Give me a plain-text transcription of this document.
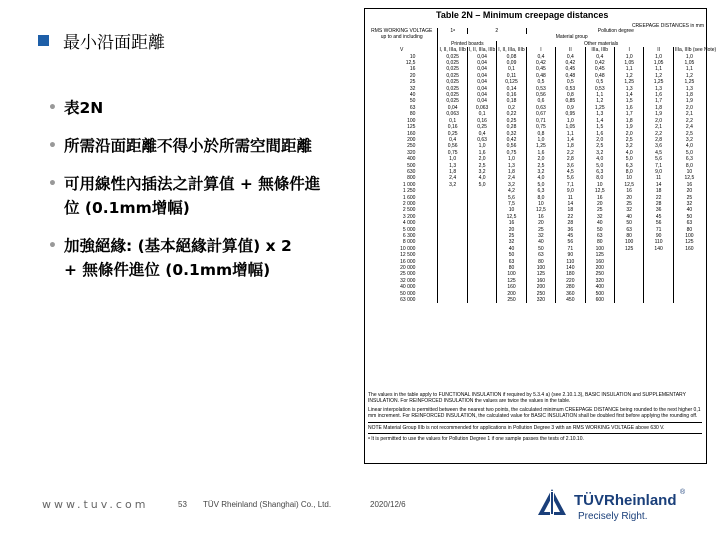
最小沿面距離
• 表2N
• 所需沿面距離不得小於所需空間距離
• 可用線性內插法之計算值 + 無條件進
位 (0.1mm增幅)
• 加強絕緣: (基本絕緣計算值) x 2
+ 無條件進位 (0.1mm增幅)
Table 2N – Minimum creepage distances
CREEPAGE DISTANCES in mm
RMS WORKING VOLTAGE	1ᵃ	2		Pollution degree					
up to and including	Material group								
	Printed boards		Other materials						
V	I, II, IIIa, IIIb	I, II, IIIa, IIIb	I, II, IIIa, IIIb	I	II	IIIa, IIIb	I	II	IIIa, IIIb (see Note)
10	0,025	0,04	0,08	0,4	0,4	0,4	1,0	1,0	1,0
12,5	0,025	0,04	0,09	0,42	0,42	0,42	1,05	1,05	1,05
16	0,025	0,04	0,1	0,45	0,45	0,45	1,1	1,1	1,1
20	0,025	0,04	0,11	0,48	0,48	0,48	1,2	1,2	1,2
25	0,025	0,04	0,125	0,5	0,5	0,5	1,25	1,25	1,25
32	0,025	0,04	0,14	0,53	0,53	0,53	1,3	1,3	1,3
40	0,025	0,04	0,16	0,56	0,8	1,1	1,4	1,6	1,8
50	0,025	0,04	0,18	0,6	0,85	1,2	1,5	1,7	1,9
63	0,04	0,063	0,2	0,63	0,9	1,25	1,6	1,8	2,0
80	0,063	0,1	0,22	0,67	0,95	1,3	1,7	1,9	2,1
100	0,1	0,16	0,25	0,71	1,0	1,4	1,8	2,0	2,2
125	0,16	0,25	0,28	0,75	1,05	1,5	1,9	2,1	2,4
160	0,25	0,4	0,32	0,8	1,1	1,6	2,0	2,2	2,5
200	0,4	0,63	0,42	1,0	1,4	2,0	2,5	2,8	3,2
250	0,56	1,0	0,56	1,25	1,8	2,5	3,2	3,6	4,0
320	0,75	1,6	0,75	1,6	2,2	3,2	4,0	4,5	5,0
400	1,0	2,0	1,0	2,0	2,8	4,0	5,0	5,6	6,3
500	1,3	2,5	1,3	2,5	3,6	5,0	6,3	7,1	8,0
630	1,8	3,2	1,8	3,2	4,5	6,3	8,0	9,0	10
800	2,4	4,0	2,4	4,0	5,6	8,0	10	11	12,5
1 000	3,2	5,0	3,2	5,0	7,1	10	12,5	14	16
1 250			4,2	6,3	9,0	12,5	16	18	20
1 600			5,6	8,0	11	16	20	22	25
2 000			7,5	10	14	20	25	28	32
2 500			10	12,5	18	25	32	36	40
3 200			12,5	16	22	32	40	45	50
4 000			16	20	28	40	50	56	63
5 000			20	25	36	50	63	71	80
6 300			25	32	45	63	80	90	100
8 000			32	40	56	80	100	110	125
10 000			40	50	71	100	125	140	160
12 500			50	63	90	125			
16 000			63	80	110	160			
20 000			80	100	140	200			
25 000			100	125	180	250			
32 000			125	160	220	320			
40 000			160	200	280	400			
50 000			200	250	360	500			
63 000			250	320	450	600			

The values in the table apply to FUNCTIONAL INSULATION if required by 5.3.4 a) (see 2.10.1.3), BASIC INSULATION and SUPPLEMENTARY INSULATION. For REINFORCED INSULATION the values are twice the values in the table.

Linear interpolation is permitted between the nearest two points, the calculated minimum CREEPAGE DISTANCE being rounded to the next higher 0,1 mm increment. For REINFORCED INSULATION, the calculated value for BASIC INSULATION shall be doubled first before applying the rounding off.

NOTE Material Group IIIb is not recommended for applications in Pollution Degree 3 with an RMS WORKING VOLTAGE above 630 V.

ᵃ It is permitted to use the values for Pollution Degree 1 if one sample passes the tests of 2.10.10.

www.tuv.com	53 TÜV Rheinland (Shanghai) Co., Ltd.	2020/12/6	TÜVRheinland ®
Precisely Right.
